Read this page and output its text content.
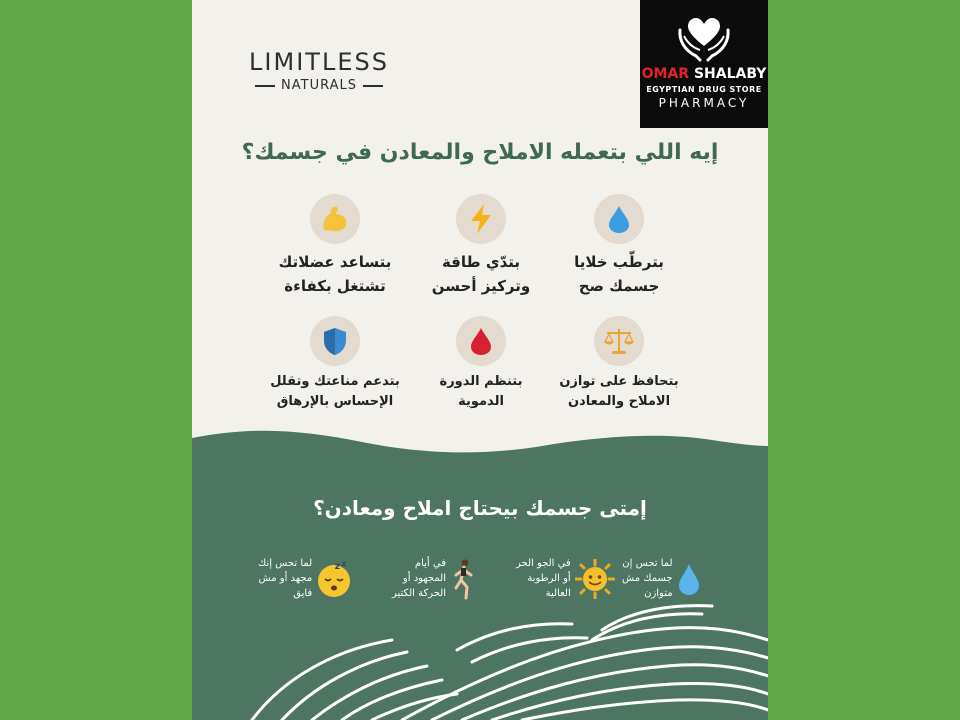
LIMITLESS
NATURALS
OMAR SHALABY
EGYPTIAN DRUG STORE
PHARMACY
إيه اللي بتعمله الاملاح والمعادن في جسمك؟
بترطّب خلايا
جسمك صح
بتدّي طاقة
وتركيز أحسن
بتساعد عضلاتك
تشتغل بكفاءة
بتحافظ على توازن
الاملاح والمعادن
بتنظم الدورة
الدموية
بتدعم مناعتك وتقلل
الإحساس بالإرهاق
إمتى جسمك بيحتاج املاح ومعادن؟
لما تحس إن
جسمك مش
متوازن
في الجو الحر
أو الرطوبة
العالية
في أيام
المجهود أو
الحركة الكتير
z z
لما تحس إنك
مجهد أو مش
فايق
